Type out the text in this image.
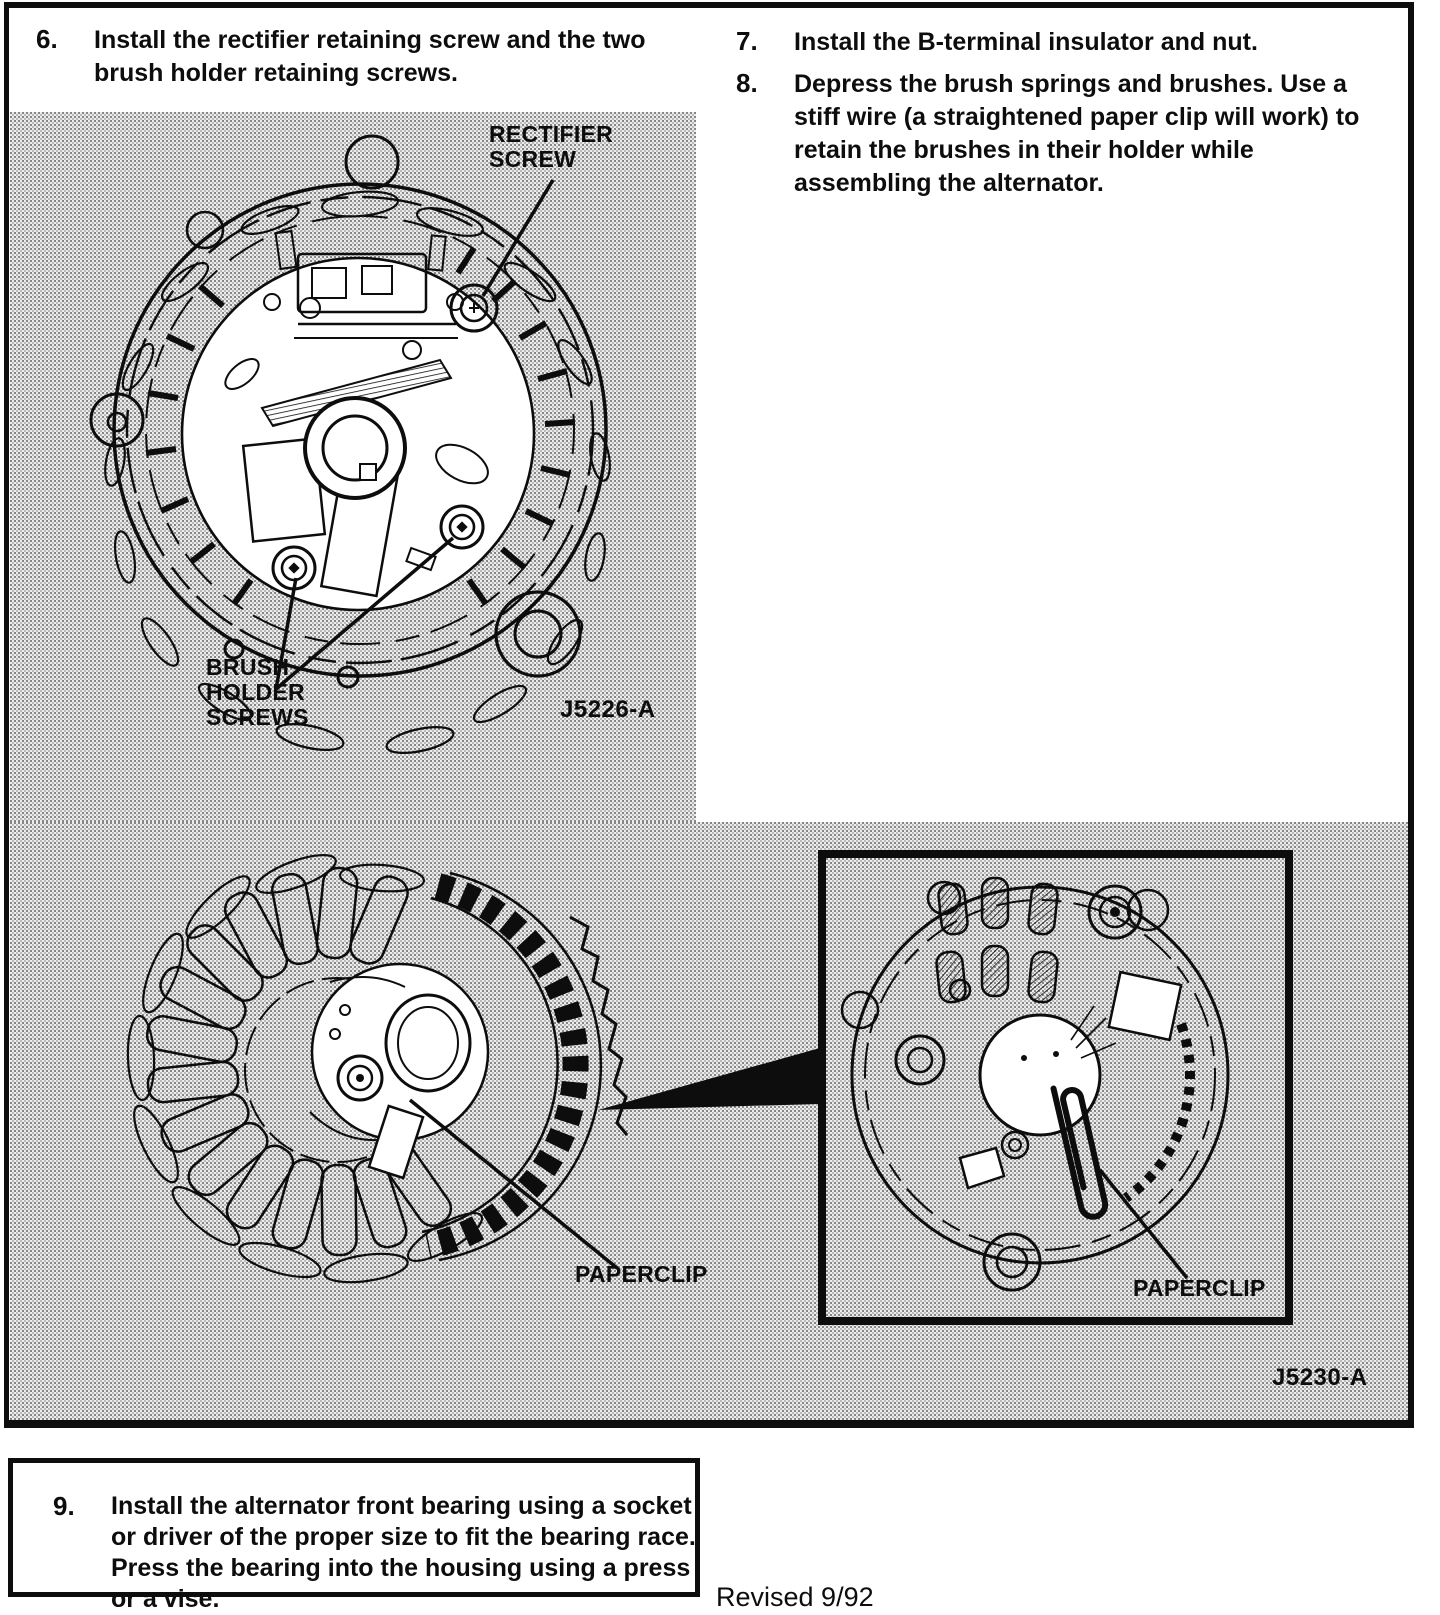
6. Install the rectifier retaining screw and the two
brush holder retaining screws.
7. Install the B-terminal insulator and nut.
8. Depress the brush springs and brushes. Use a
stiff wire (a straightened paper clip will work) to
retain the brushes in their holder while
assembling the alternator.
RECTIFIER
SCREW
BRUSH
HOLDER
SCREWS	J5226-A
PAPERCLIP
PAPERCLIP
J5230-A
9. Install the alternator front bearing using a socket
or driver of the proper size to fit the bearing race.
Press the bearing into the housing using a press
or a vise.	Revised 9/92
